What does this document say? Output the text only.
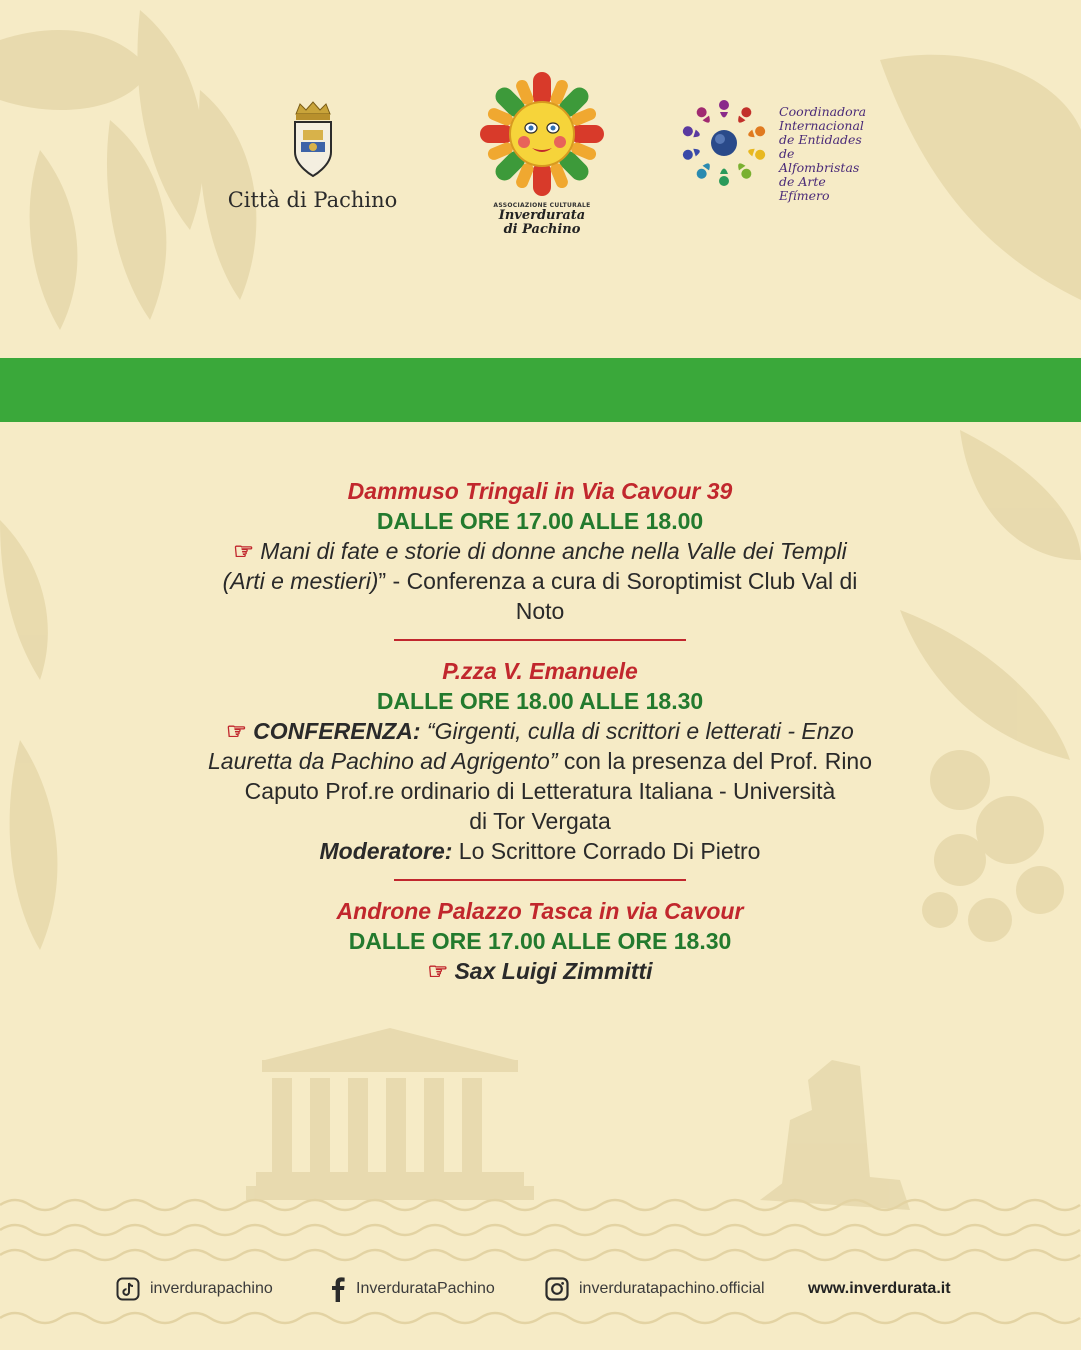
Città di Pachino	ASSOCIAZIONE CULTURALE
Inverdurata
di Pachino
Coordinadora
Internacional
de Entidades de
Alfombristas
de Arte Efímero
Dammuso Tringali in Via Cavour 39
DALLE ORE 17.00 ALLE 18.00
☞ Mani di fate e storie di donne anche nella Valle dei Templi
(Arti e mestieri)” - Conferenza a cura di Soroptimist Club Val di
Noto
P.zza V. Emanuele
DALLE ORE 18.00 ALLE 18.30
☞ CONFERENZA: “Girgenti, culla di scrittori e letterati - Enzo
Lauretta da Pachino ad Agrigento” con la presenza del Prof. Rino
Caputo Prof.re ordinario di Letteratura Italiana - Università
di Tor Vergata
Moderatore: Lo Scrittore Corrado Di Pietro
Androne Palazzo Tasca in via Cavour
DALLE ORE 17.00 ALLE ORE 18.30
☞ Sax Luigi Zimmitti
inverdurapachino	InverdurataPachino	inverduratapachino.official	www.inverdurata.it
